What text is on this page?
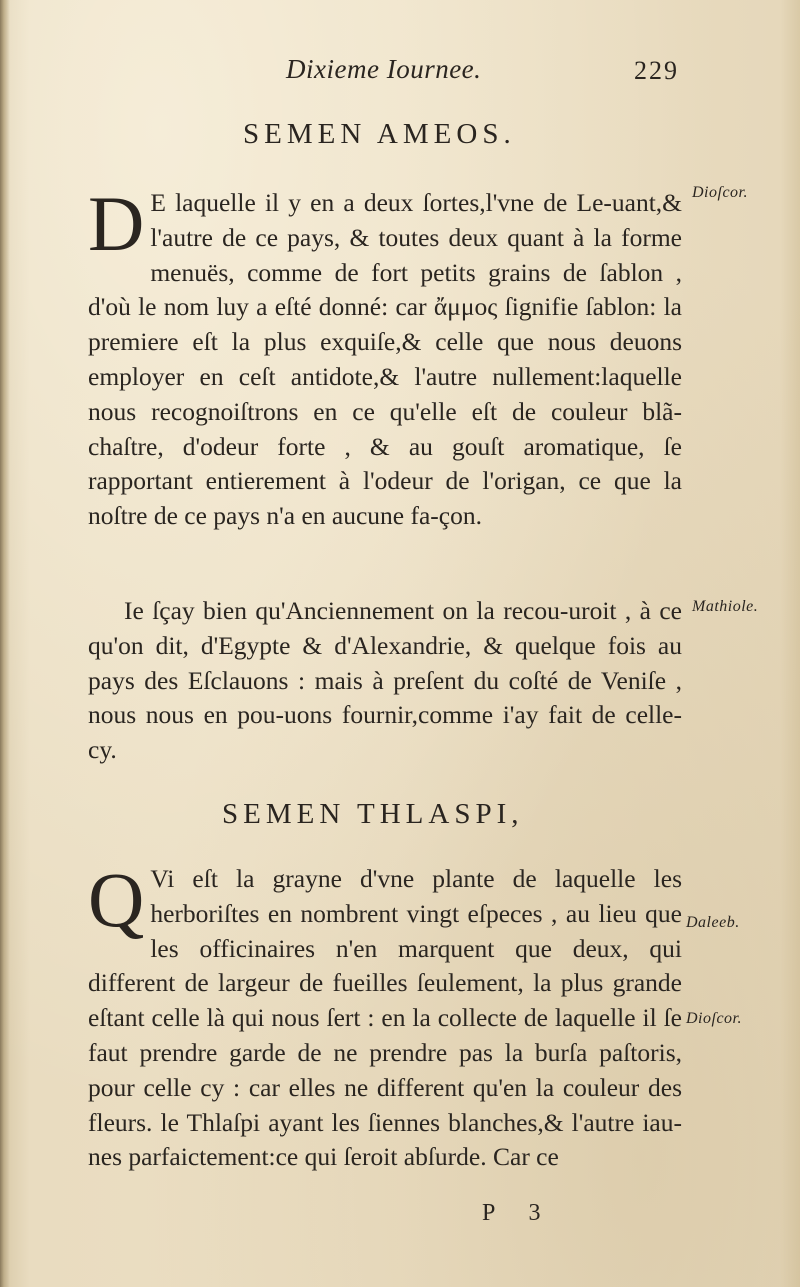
Dixieme Iournee.	229
SEMEN AMEOS.

D E laquelle il y en a deux ſortes,l'vne de Le-uant,& l'autre de ce pays, & toutes deux quant à la forme menuës, comme de fort petits grains de ſablon , d'où le nom luy a eſté donné: car ἄμμος ſignifie ſablon: la premiere eſt la plus exquiſe,& celle que nous deuons employer en ceſt antidote,& l'autre nullement:laquelle nous recognoiſtrons en ce qu'elle eſt de couleur blã-chaſtre, d'odeur forte , & au gouſt aromatique, ſe rapportant entierement à l'odeur de l'origan, ce que la noſtre de ce pays n'a en aucune fa-çon.

Ie ſçay bien qu'Anciennement on la recou-uroit , à ce qu'on dit, d'Egypte & d'Alexandrie, & quelque fois au pays des Eſclauons : mais à preſent du coſté de Veniſe , nous nous en pou-uons fournir,comme i'ay fait de celle-cy.

SEMEN THLASPI,

Q Vi eſt la grayne d'vne plante de laquelle les herboriſtes en nombrent vingt eſpeces , au lieu que les officinaires n'en marquent que deux, qui different de largeur de fueilles ſeulement, la plus grande eſtant celle là qui nous ſert : en la collecte de laquelle il ſe faut prendre garde de ne prendre pas la burſa paſtoris, pour celle cy : car elles ne different qu'en la couleur des fleurs. le Thlaſpi ayant les ſiennes blanches,& l'autre iau-nes parfaictement:ce qui ſeroit abſurde. Car ce

Dioſcor.
Mathiole.
Daleeb.
Dioſcor.
P 3
